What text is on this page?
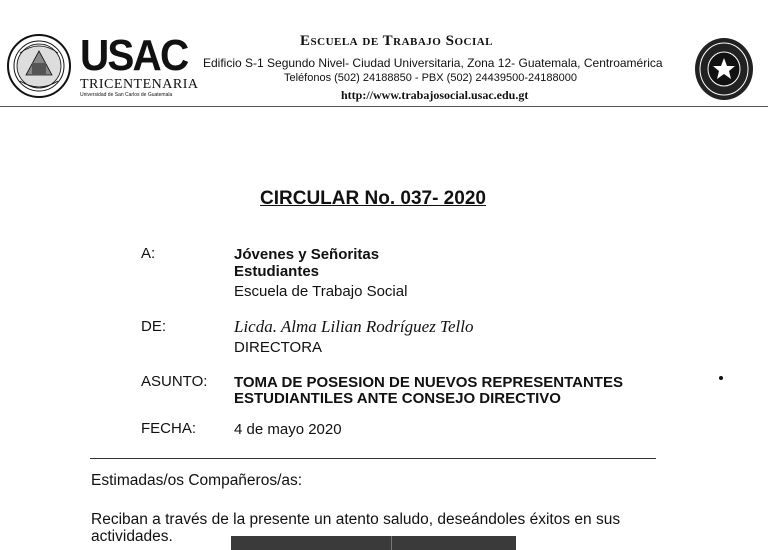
USAC
TRICENTENARIA
Universidad de San Carlos de Guatemala
Escuela de Trabajo Social
Edificio S-1 Segundo Nivel- Ciudad Universitaria, Zona 12- Guatemala, Centroamérica
Teléfonos (502) 24188850 - PBX (502) 24439500-24188000
http://www.trabajosocial.usac.edu.gt
CIRCULAR No. 037- 2020
A:	Jóvenes y Señoritas
Estudiantes
Escuela de Trabajo Social
DE:	Licda. Alma Lilian Rodríguez Tello
DIRECTORA
ASUNTO: TOMA DE POSESION DE NUEVOS REPRESENTANTES
ESTUDIANTILES ANTE CONSEJO DIRECTIVO
FECHA:	4 de mayo 2020
Estimadas/os Compañeros/as:
Reciban a través de la presente un atento saludo, deseándoles éxitos en sus
actividades.
